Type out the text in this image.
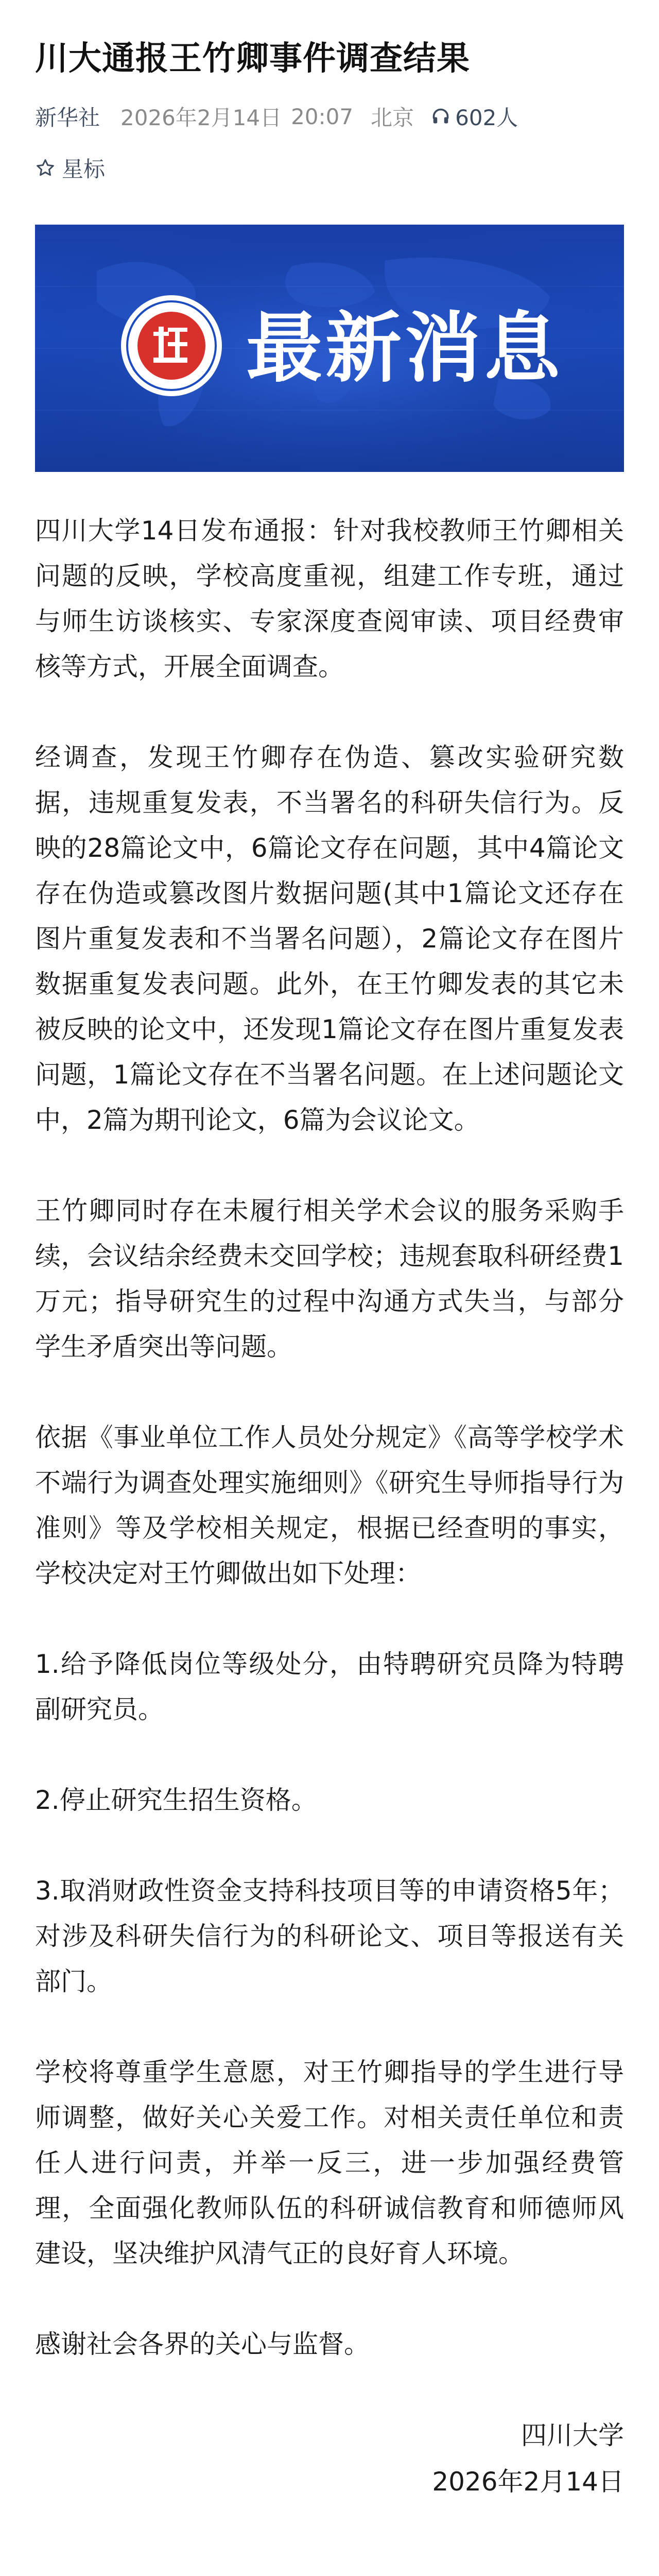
川大通报王竹卿事件调查结果
新华社 2026年2月14日 20:07 北京 602人
星标
最新消息

四川大学14日发布通报：针对我校教师王竹卿相关问题的反映，学校高度重视，组建工作专班，通过与师生访谈核实、专家深度查阅审读、项目经费审核等方式，开展全面调查。

经调查，发现王竹卿存在伪造、篡改实验研究数据，违规重复发表，不当署名的科研失信行为。反映的28篇论文中，6篇论文存在问题，其中4篇论文存在伪造或篡改图片数据问题(其中1篇论文还存在图片重复发表和不当署名问题），2篇论文存在图片数据重复发表问题。此外，在王竹卿发表的其它未被反映的论文中，还发现1篇论文存在图片重复发表问题，1篇论文存在不当署名问题。在上述问题论文中，2篇为期刊论文，6篇为会议论文。

王竹卿同时存在未履行相关学术会议的服务采购手续，会议结余经费未交回学校；违规套取科研经费1万元；指导研究生的过程中沟通方式失当，与部分学生矛盾突出等问题。

依据《事业单位工作人员处分规定》《高等学校学术不端行为调查处理实施细则》《研究生导师指导行为准则》等及学校相关规定，根据已经查明的事实，学校决定对王竹卿做出如下处理：

1.给予降低岗位等级处分，由特聘研究员降为特聘副研究员。

2.停止研究生招生资格。

3.取消财政性资金支持科技项目等的申请资格5年；对涉及科研失信行为的科研论文、项目等报送有关部门。

学校将尊重学生意愿，对王竹卿指导的学生进行导师调整，做好关心关爱工作。对相关责任单位和责任人进行问责，并举一反三，进一步加强经费管理，全面强化教师队伍的科研诚信教育和师德师风建设，坚决维护风清气正的良好育人环境。

感谢社会各界的关心与监督。

四川大学
2026年2月14日
